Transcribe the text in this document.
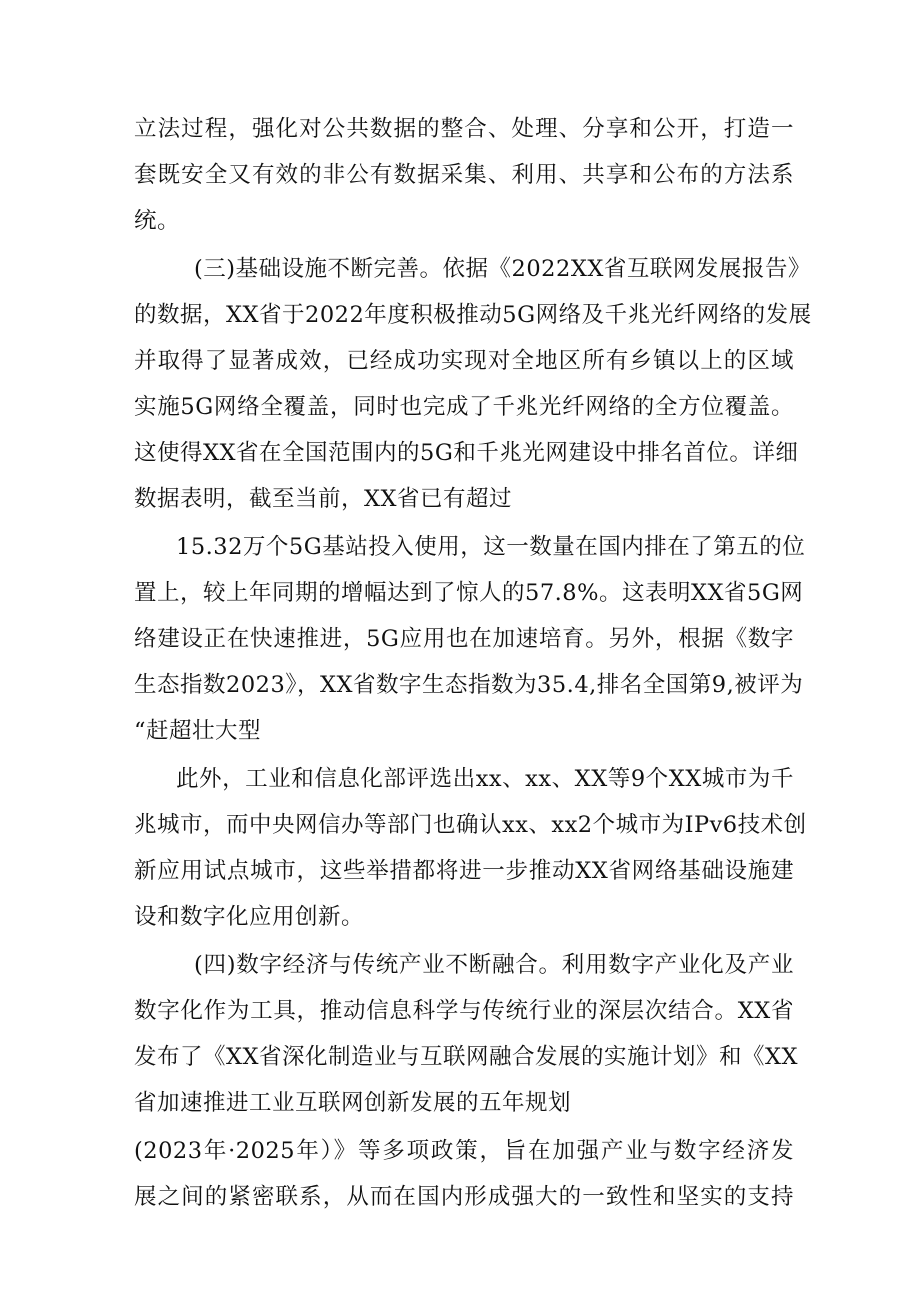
立法过程，强化对公共数据的整合、处理、分享和公开，打造一
套既安全又有效的非公有数据采集、利用、共享和公布的方法系
统。
(三)基础设施不断完善。依据《2022XX省互联网发展报告》
的数据，XX省于2022年度积极推动5G网络及千兆光纤网络的发展
并取得了显著成效，已经成功实现对全地区所有乡镇以上的区域
实施5G网络全覆盖，同时也完成了千兆光纤网络的全方位覆盖。
这使得XX省在全国范围内的5G和千兆光网建设中排名首位。详细
数据表明，截至当前，XX省已有超过
15.32万个5G基站投入使用，这一数量在国内排在了第五的位
置上，较上年同期的增幅达到了惊人的57.8%。这表明XX省5G网
络建设正在快速推进，5G应用也在加速培育。另外，根据《数字
生态指数2023》，XX省数字生态指数为35.4,排名全国第9,被评为
“赶超壮大型
此外，工业和信息化部评选出xx、xx、XX等9个XX城市为千
兆城市，而中央网信办等部门也确认xx、xx2个城市为IPv6技术创
新应用试点城市，这些举措都将进一步推动XX省网络基础设施建
设和数字化应用创新。
(四)数字经济与传统产业不断融合。利用数字产业化及产业
数字化作为工具，推动信息科学与传统行业的深层次结合。XX省
发布了《XX省深化制造业与互联网融合发展的实施计划》和《XX
省加速推进工业互联网创新发展的五年规划
(2023年·2025年）》等多项政策，旨在加强产业与数字经济发
展之间的紧密联系，从而在国内形成强大的一致性和坚实的支持
